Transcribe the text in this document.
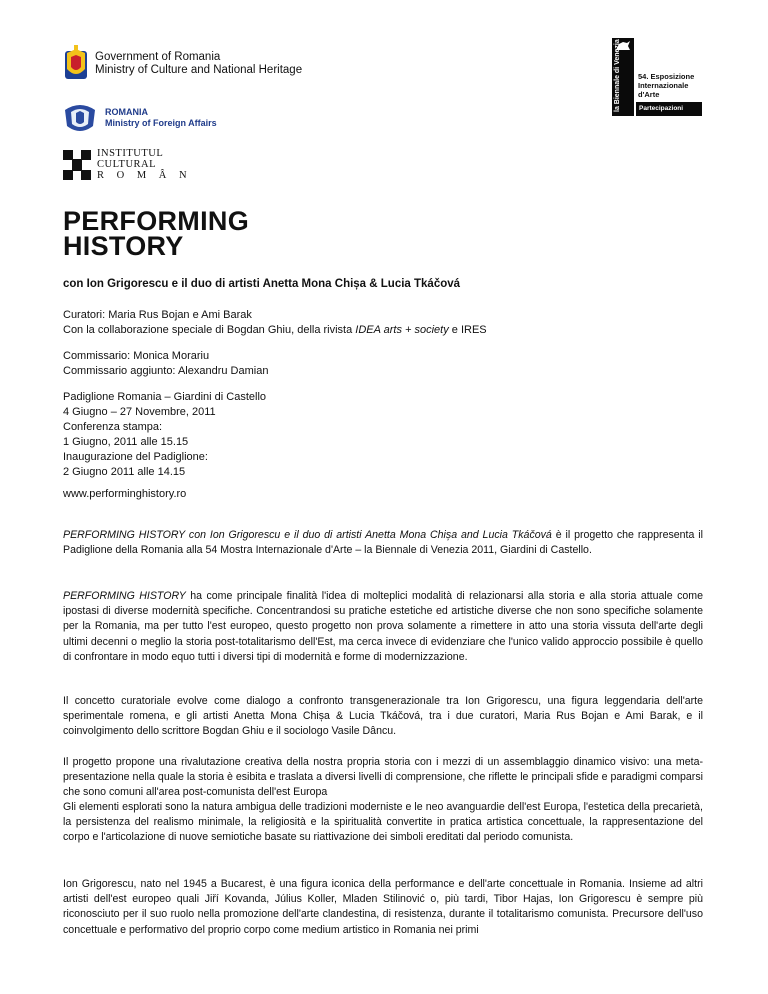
Government of Romania
Ministry of Culture and National Heritage
ROMANIA
Ministry of Foreign Affairs
INSTITUTUL
CULTURAL
R O M Â N
la Biennale di Venezia 54. Esposizione
Internazionale
d'Arte
Partecipazioni nazionali
PERFORMING
HISTORY
con Ion Grigorescu e il duo di artisti Anetta Mona Chișa & Lucia Tkáčová
Curatori: Maria Rus Bojan e Ami Barak
Con la collaborazione speciale di Bogdan Ghiu, della rivista IDEA arts + society e IRES
Commissario: Monica Morariu
Commissario aggiunto: Alexandru Damian
Padiglione Romania – Giardini di Castello
4 Giugno – 27 Novembre, 2011
Conferenza stampa:
1 Giugno, 2011 alle 15.15
Inaugurazione del Padiglione:
2 Giugno 2011 alle 14.15
www.performinghistory.ro
PERFORMING HISTORY con Ion Grigorescu e il duo di artisti Anetta Mona Chișa and Lucia Tkáčová è il progetto che rappresenta il Padiglione della Romania alla 54 Mostra Internazionale d'Arte – la Biennale di Venezia 2011, Giardini di Castello.
PERFORMING HISTORY ha come principale finalità l'idea di molteplici modalità di relazionarsi alla storia e alla storia attuale come ipostasi di diverse modernità specifiche. Concentrandosi su pratiche estetiche ed artistiche diverse che non sono specifiche solamente per la Romania, ma per tutto l'est europeo, questo progetto non prova solamente a rimettere in atto una storia vissuta dell'arte degli ultimi decenni o meglio la storia post-totalitarismo dell'Est, ma cerca invece di evidenziare che l'unico valido approccio possibile è quello di confrontare in modo equo tutti i diversi tipi di modernità e forme di modernizzazione.
Il concetto curatoriale evolve come dialogo a confronto transgenerazionale tra Ion Grigorescu, una figura leggendaria dell'arte sperimentale romena, e gli artisti Anetta Mona Chișa & Lucia Tkáčová, tra i due curatori, Maria Rus Bojan e Ami Barak, e il coinvolgimento dello scrittore Bogdan Ghiu e il sociologo Vasile Dâncu.
Il progetto propone una rivalutazione creativa della nostra propria storia con i mezzi di un assemblaggio dinamico visivo: una meta-presentazione nella quale la storia è esibita e traslata a diversi livelli di comprensione, che riflette le principali sfide e paradigmi comparsi che sono comuni all'area post-comunista dell'est Europa
Gli elementi esplorati sono la natura ambigua delle tradizioni moderniste e le neo avanguardie dell'est Europa, l'estetica della precarietà, la persistenza del realismo minimale, la religiosità e la spiritualità convertite in pratica artistica concettuale, la rappresentazione del corpo e l'articolazione di nuove semiotiche basate su riattivazione dei simboli ereditati dal periodo comunista.
Ion Grigorescu, nato nel 1945 a Bucarest, è una figura iconica della performance e dell'arte concettuale in Romania. Insieme ad altri artisti dell'est europeo quali Jiří Kovanda, Július Koller, Mladen Stilinović o, più tardi, Tibor Hajas, Ion Grigorescu è sempre più riconosciuto per il suo ruolo nella promozione dell'arte clandestina, di resistenza, durante il totalitarismo comunista. Precursore dell'uso concettuale e performativo del proprio corpo come medium artistico in Romania nei primi
